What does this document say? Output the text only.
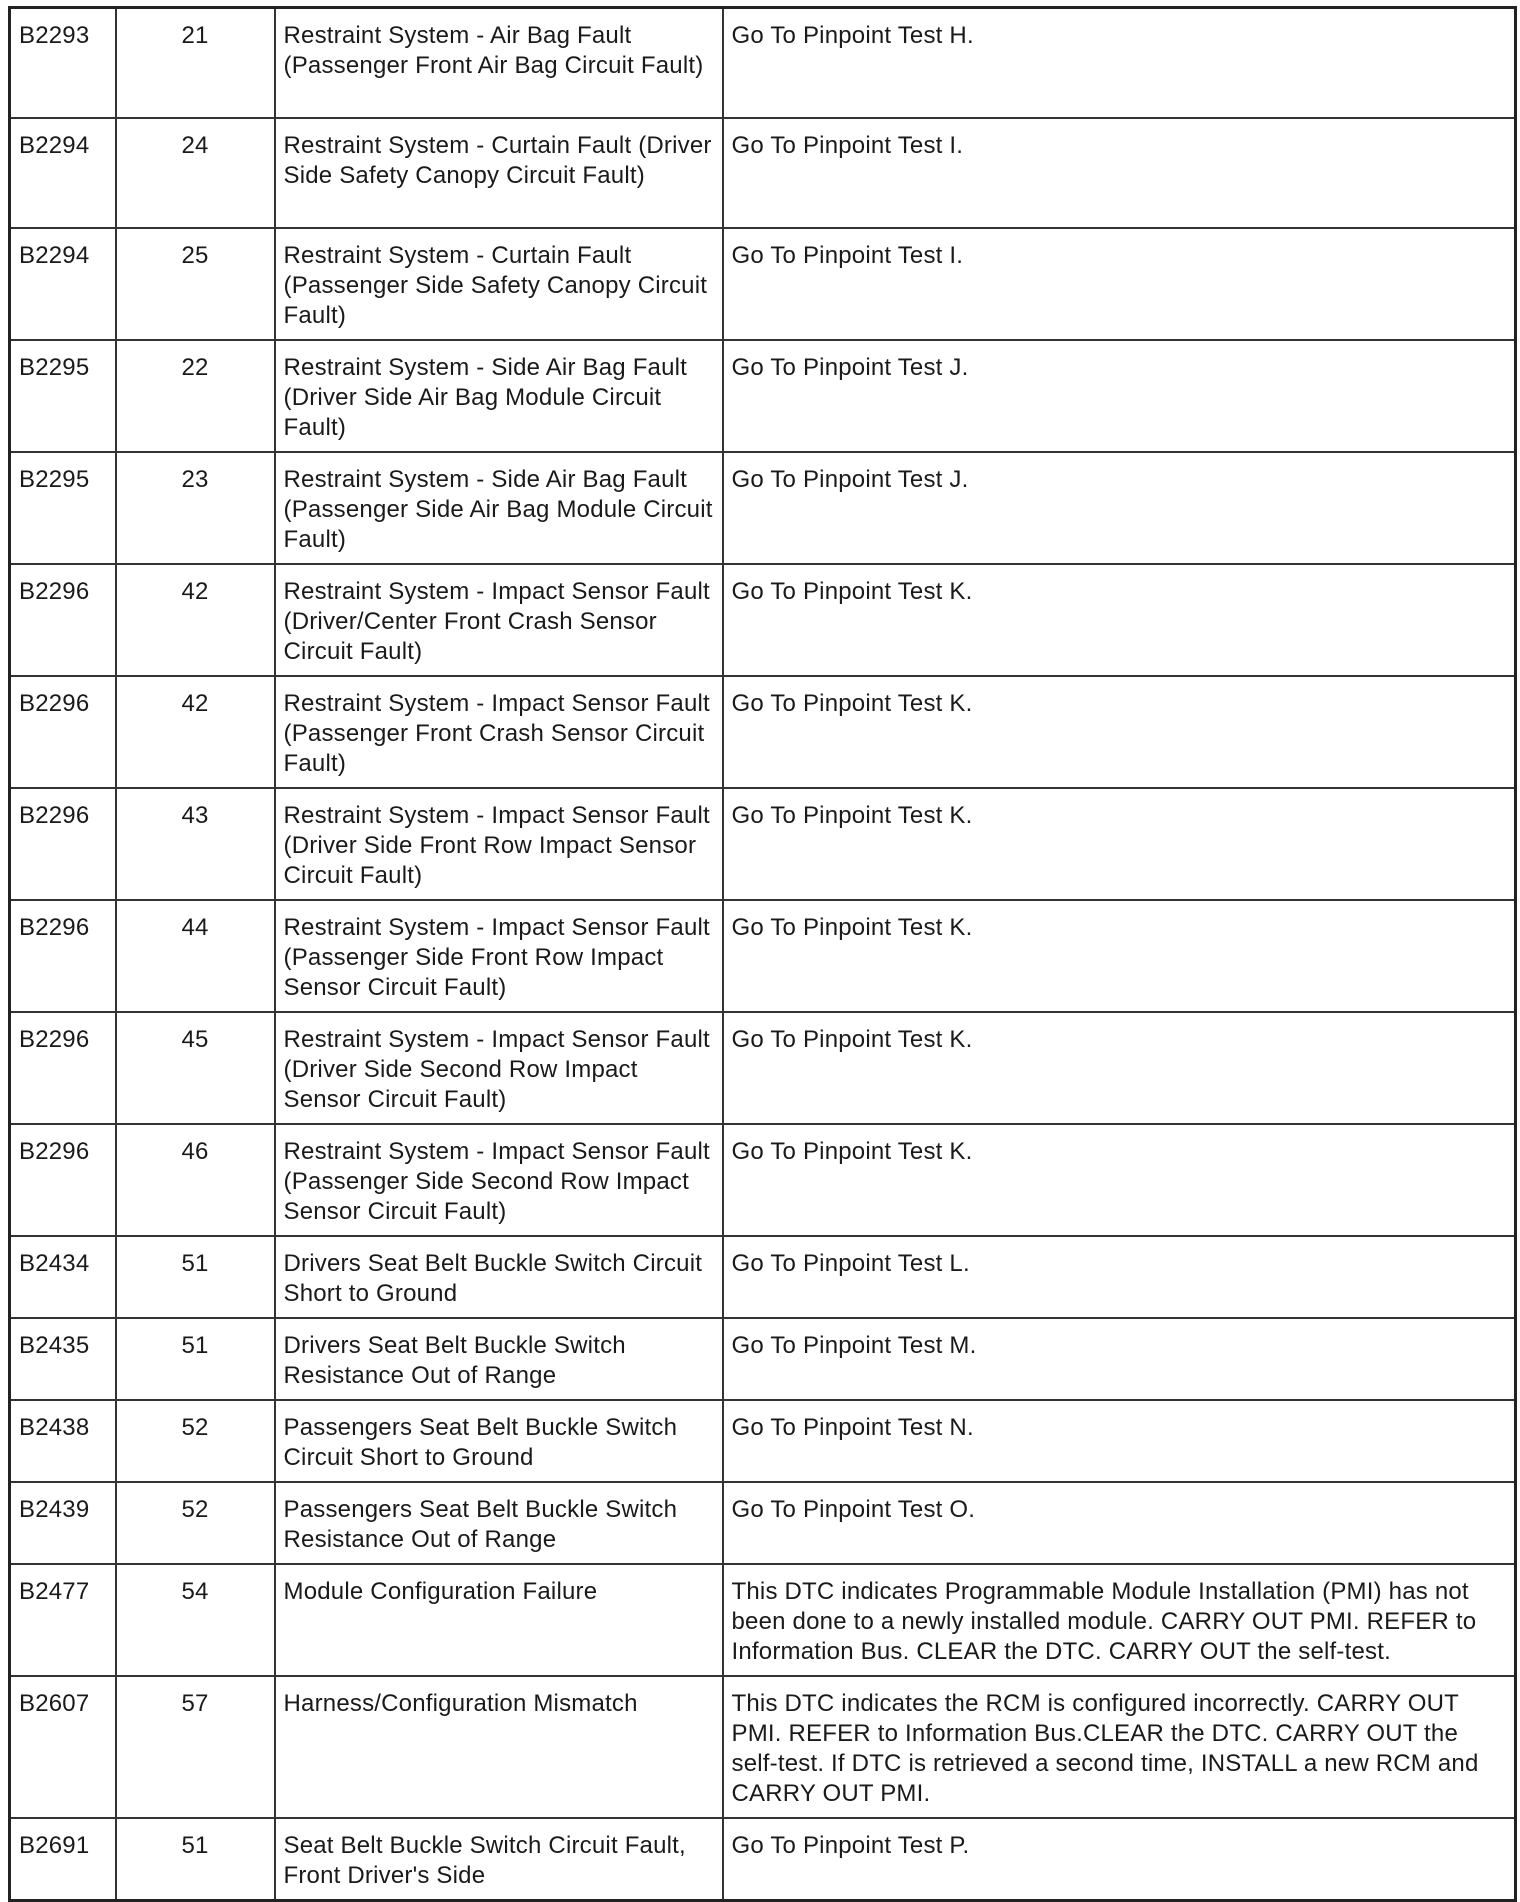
B2293	21	Restraint System - Air Bag Fault (Passenger Front Air Bag Circuit Fault)	Go To Pinpoint Test H.
B2294	24	Restraint System - Curtain Fault (Driver Side Safety Canopy Circuit Fault)	Go To Pinpoint Test I.
B2294	25	Restraint System - Curtain Fault (Passenger Side Safety Canopy Circuit Fault)	Go To Pinpoint Test I.
B2295	22	Restraint System - Side Air Bag Fault (Driver Side Air Bag Module Circuit Fault)	Go To Pinpoint Test J.
B2295	23	Restraint System - Side Air Bag Fault (Passenger Side Air Bag Module Circuit Fault)	Go To Pinpoint Test J.
B2296	42	Restraint System - Impact Sensor Fault (Driver/Center Front Crash Sensor Circuit Fault)	Go To Pinpoint Test K.
B2296	42	Restraint System - Impact Sensor Fault (Passenger Front Crash Sensor Circuit Fault)	Go To Pinpoint Test K.
B2296	43	Restraint System - Impact Sensor Fault (Driver Side Front Row Impact Sensor Circuit Fault)	Go To Pinpoint Test K.
B2296	44	Restraint System - Impact Sensor Fault (Passenger Side Front Row Impact Sensor Circuit Fault)	Go To Pinpoint Test K.
B2296	45	Restraint System - Impact Sensor Fault (Driver Side Second Row Impact Sensor Circuit Fault)	Go To Pinpoint Test K.
B2296	46	Restraint System - Impact Sensor Fault (Passenger Side Second Row Impact Sensor Circuit Fault)	Go To Pinpoint Test K.
B2434	51	Drivers Seat Belt Buckle Switch Circuit Short to Ground	Go To Pinpoint Test L.
B2435	51	Drivers Seat Belt Buckle Switch Resistance Out of Range	Go To Pinpoint Test M.
B2438	52	Passengers Seat Belt Buckle Switch Circuit Short to Ground	Go To Pinpoint Test N.
B2439	52	Passengers Seat Belt Buckle Switch Resistance Out of Range	Go To Pinpoint Test O.
B2477	54	Module Configuration Failure	This DTC indicates Programmable Module Installation (PMI) has not been done to a newly installed module. CARRY OUT PMI. REFER to Information Bus. CLEAR the DTC. CARRY OUT the self-test.
B2607	57	Harness/Configuration Mismatch	This DTC indicates the RCM is configured incorrectly. CARRY OUT PMI. REFER to Information Bus.CLEAR the DTC. CARRY OUT the self-test. If DTC is retrieved a second time, INSTALL a new RCM and CARRY OUT PMI.
B2691	51	Seat Belt Buckle Switch Circuit Fault, Front Driver's Side	Go To Pinpoint Test P.
